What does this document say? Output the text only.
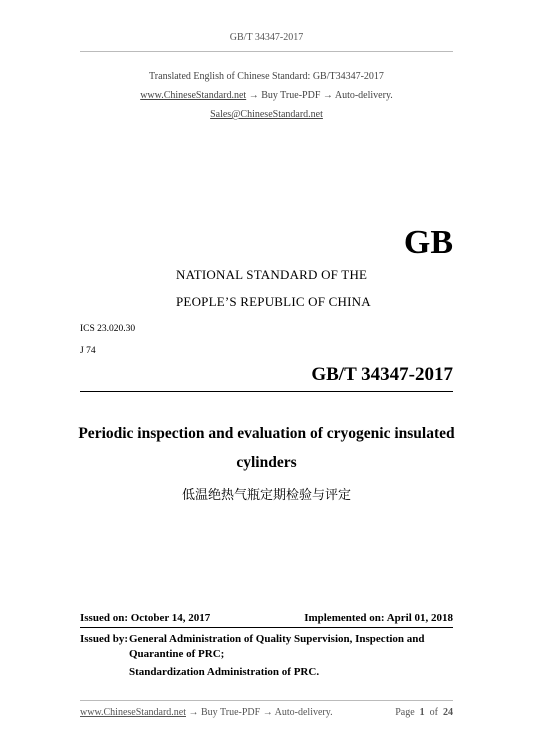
GB/T 34347-2017
Translated English of Chinese Standard: GB/T34347-2017
www.ChineseStandard.net → Buy True-PDF → Auto-delivery.
Sales@ChineseStandard.net
GB
NATIONAL STANDARD OF THE
PEOPLE’S REPUBLIC OF CHINA
ICS 23.020.30
J 74
GB/T 34347-2017
Periodic inspection and evaluation of cryogenic insulated
cylinders
低温绝热气瓶定期检验与评定
Issued on: October 14, 2017	Implemented on: April 01, 2018
Issued by: General Administration of Quality Supervision, Inspection and
Quarantine of PRC;
Standardization Administration of PRC.
www.ChineseStandard.net → Buy True-PDF → Auto-delivery.	Page 1 of 24
